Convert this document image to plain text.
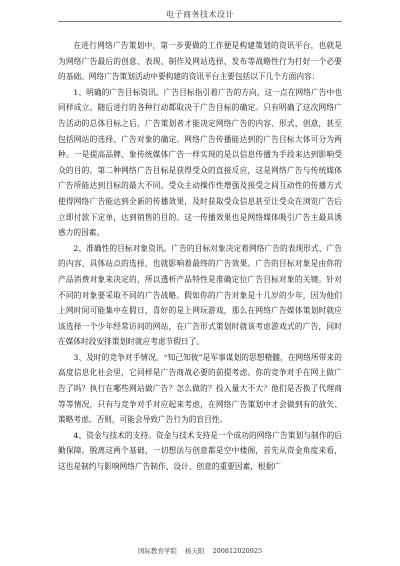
电子商务技术设计

在进行网络广告策划中，第一步要做的工作便是构建策划的资讯平台，也就是为网络广告最后的创意、表现、制作及网站选择、发布等战略性行为打好一个必要的基础。网络广告策划活动中要构建的资讯平台主要包括以下几个方面内容：

1、明确的广告目标资讯。广告目标指引着广告的方向，这一点在网络广告中也同样成立。随后进行的各种行动都取决于广告目标的确定。只有明确了这次网络广告活动的总体目标之后，广告策划者才能决定网络广告的内容、形式、创意，甚至包括网站的选择、广告对象的确定。网络广告传播能达到的广告目标大体可分为两种。一是提高品牌、象传统媒体广告一样实现的是以信息传播为手段来达到影响受众的目的。第二种网络广告目标是获得受众的直接反应，这是网络广告与传统媒体广告所能达到目标的最大不同。受众主动操作性增强及接受之间互动性的传播方式使得网络广告能达到全新的传播效果，及时获取受众信息甚至让受众在浏览广告后立即付款下定单，达到销售的目的。这一传播效果也是网络媒体吸引广告主最具诱惑力的因素。

2、准确性的目标对象资讯。广告的目标对象决定着网络广告的表现形式、广告的内容、具体站点的选择，也就影响着最终的广告效果。广告的目标对象是由你的产品消费对象来决定的，所以透析产品特性是准确定位广告目标对象的关键。针对不同的对象要采取不同的广告战略。假如你的广告对象是十几岁的少年，因为他们上网时间可能集中在假日，喜好的是上网玩游戏，那么在网络广告媒体策划时就应该选择一个少年经常访问的网站，在广告形式策划时就该考虑游戏式的广告，同时在媒体时段安排策划时就应考虑节假日了。

3、及时的竞争对手情况。“知己知彼”是军事谋划的思想精髓，在网络所带来的高度信息化社会里，它同样是广告商战必要的前提考虑。你的竞争对手在网上做广告了吗？执行在哪些网站做广告？怎么做的？投入量大不大？他们是否换了代理商等等情况，只有与竞争对手对应起来考虑，在网络广告策划中才会做到有的放矢、策略考虑。否则，可能会导致广告行为的盲目性。

4、资金与技术的支持。资金与技术支持是一个成功的网络广告策划与制作的后勤保障。脱离这两个基础，一切想法与创意都是空中楼阁，首先从资金角度来看，这也是制约与影响网络广告制作、设计、创意的重要因素，根据广

国际教育学院 杨天阳 200812020925
